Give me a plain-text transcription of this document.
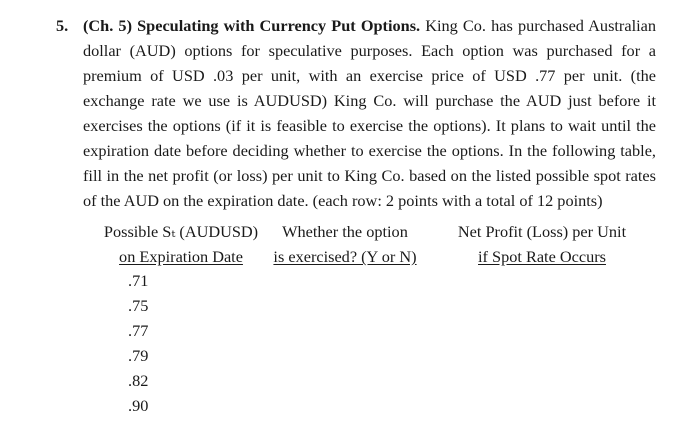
5. (Ch. 5) Speculating with Currency Put Options. King Co. has purchased Australian dollar (AUD) options for speculative purposes. Each option was purchased for a premium of USD .03 per unit, with an exercise price of USD .77 per unit. (the exchange rate we use is AUDUSD) King Co. will purchase the AUD just before it exercises the options (if it is feasible to exercise the options). It plans to wait until the expiration date before deciding whether to exercise the options. In the following table, fill in the net profit (or loss) per unit to King Co. based on the listed possible spot rates of the AUD on the expiration date. (each row: 2 points with a total of 12 points)
Possible Sₜ (AUDUSD)
on Expiration Date
Whether the option
is exercised? (Y or N)
Net Profit (Loss) per Unit
if Spot Rate Occurs
.71
.75
.77
.79
.82
.90
